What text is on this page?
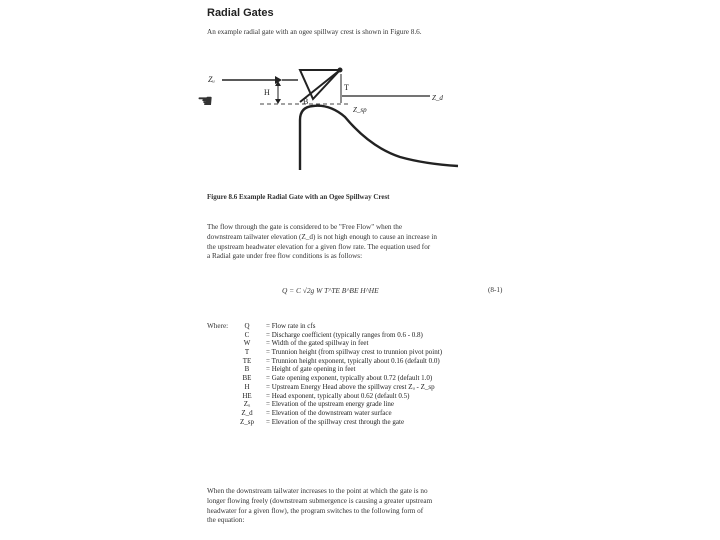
Radial Gates
An example radial gate with an ogee spillway crest is shown in Figure 8.6.
☚
Zᵤ
H
T
B	Z_d
Z_sp
Figure 8.6 Example Radial Gate with an Ogee Spillway Crest
The flow through the gate is considered to be "Free Flow" when the
downstream tailwater elevation (Z_d) is not high enough to cause an increase in
the upstream headwater elevation for a given flow rate. The equation used for
a Radial gate under free flow conditions is as follows:
Q = C √2g W T^TE B^BE H^HE	(8-1)
Where:	Q	= Flow rate in cfs
C	= Discharge coefficient (typically ranges from 0.6 - 0.8)
W	= Width of the gated spillway in feet
T	= Trunnion height (from spillway crest to trunnion pivot point)
TE	= Trunnion height exponent, typically about 0.16 (default 0.0)
B	= Height of gate opening in feet
BE	= Gate opening exponent, typically about 0.72 (default 1.0)
H	= Upstream Energy Head above the spillway crest Zᵤ - Z_sp
HE	= Head exponent, typically about 0.62 (default 0.5)
Zᵤ	= Elevation of the upstream energy grade line
Z_d	= Elevation of the downstream water surface
Z_sp	= Elevation of the spillway crest through the gate
When the downstream tailwater increases to the point at which the gate is no
longer flowing freely (downstream submergence is causing a greater upstream
headwater for a given flow), the program switches to the following form of
the equation:
